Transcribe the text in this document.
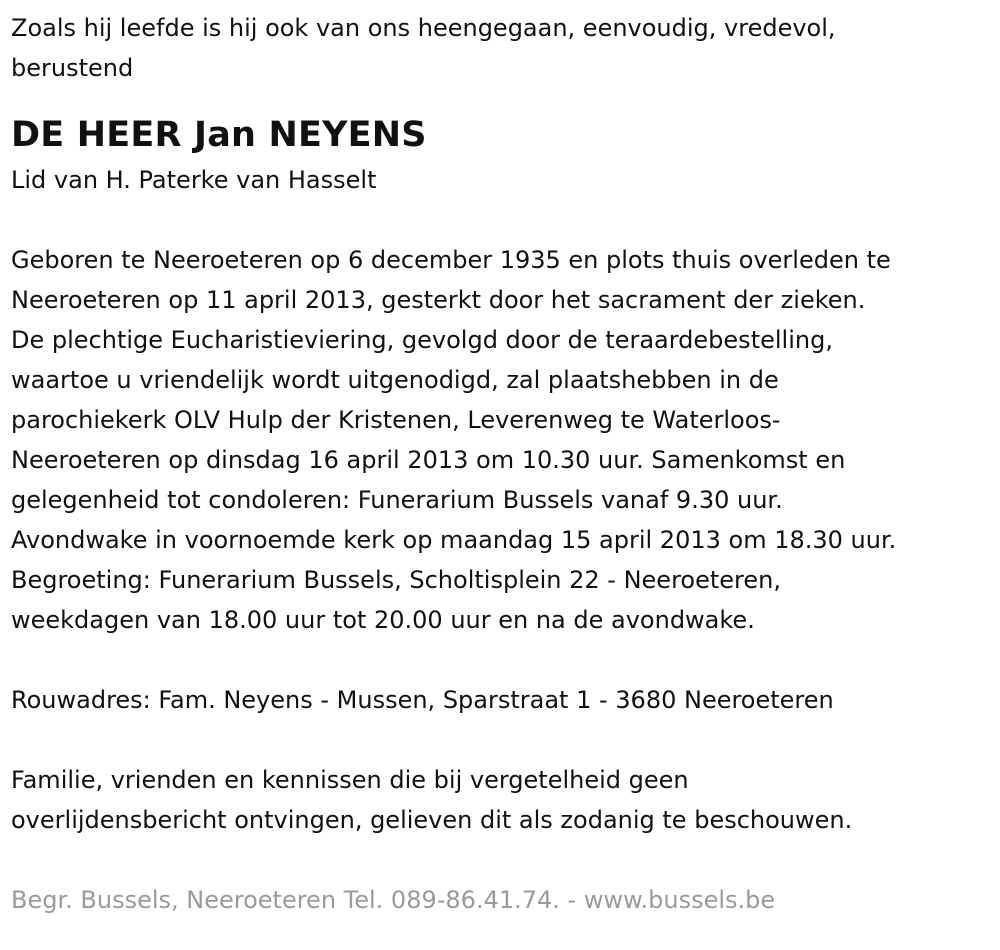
Zoals hij leefde is hij ook van ons heengegaan, eenvoudig, vredevol,
berustend

DE HEER Jan NEYENS

Lid van H. Paterke van Hasselt

Geboren te Neeroeteren op 6 december 1935 en plots thuis overleden te
Neeroeteren op 11 april 2013, gesterkt door het sacrament der zieken.
De plechtige Eucharistieviering, gevolgd door de teraardebestelling,
waartoe u vriendelijk wordt uitgenodigd, zal plaatshebben in de
parochiekerk OLV Hulp der Kristenen, Leverenweg te Waterloos-
Neeroeteren op dinsdag 16 april 2013 om 10.30 uur. Samenkomst en
gelegenheid tot condoleren: Funerarium Bussels vanaf 9.30 uur.
Avondwake in voornoemde kerk op maandag 15 april 2013 om 18.30 uur.
Begroeting: Funerarium Bussels, Scholtisplein 22 - Neeroeteren,
weekdagen van 18.00 uur tot 20.00 uur en na de avondwake.

Rouwadres: Fam. Neyens - Mussen, Sparstraat 1 - 3680 Neeroeteren

Familie, vrienden en kennissen die bij vergetelheid geen
overlijdensbericht ontvingen, gelieven dit als zodanig te beschouwen.

Begr. Bussels, Neeroeteren Tel. 089-86.41.74. - www.bussels.be
